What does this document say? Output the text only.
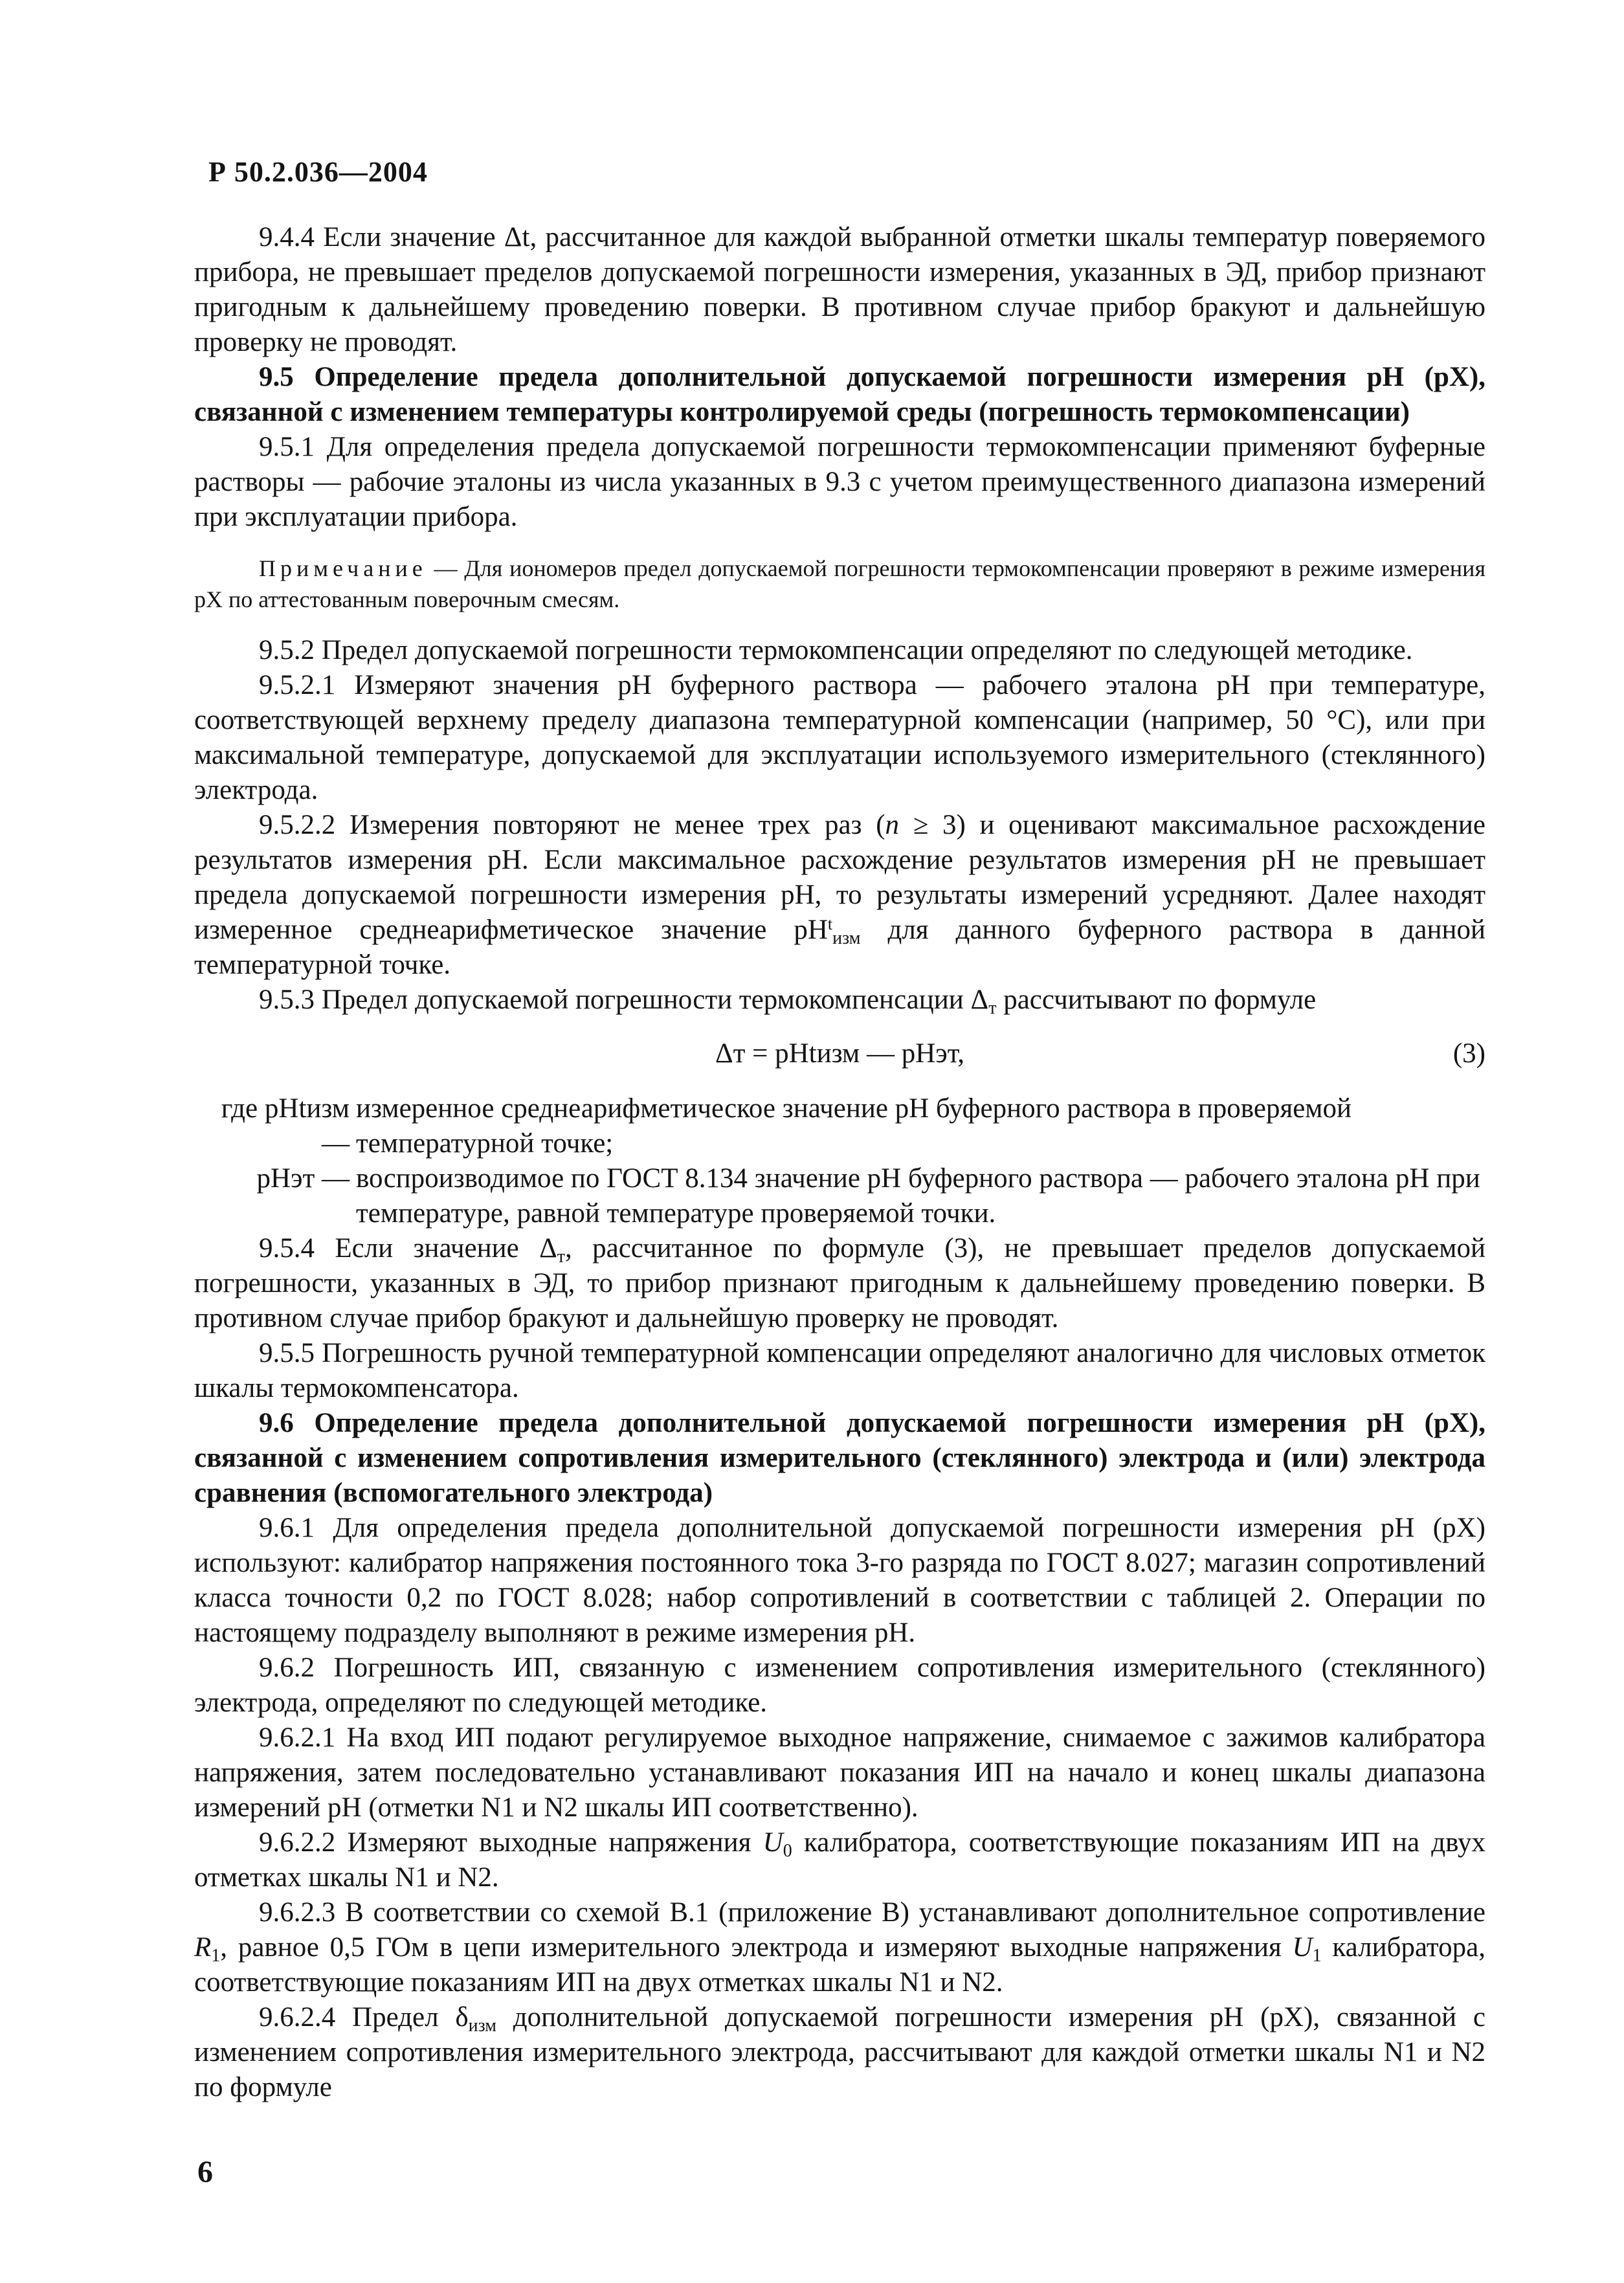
Р 50.2.036—2004

9.4.4 Если значение Δt, рассчитанное для каждой выбранной отметки шкалы температур поверяемого прибора, не превышает пределов допускаемой погрешности измерения, указанных в ЭД, прибор признают пригодным к дальнейшему проведению поверки. В противном случае прибор бракуют и дальнейшую проверку не проводят.

9.5 Определение предела дополнительной допускаемой погрешности измерения pH (pX), связанной с изменением температуры контролируемой среды (погрешность термокомпенсации)

9.5.1 Для определения предела допускаемой погрешности термокомпенсации применяют буферные растворы — рабочие эталоны из числа указанных в 9.3 с учетом преимущественного диапазона измерений при эксплуатации прибора.

Примечание — Для иономеров предел допускаемой погрешности термокомпенсации проверяют в режиме измерения pX по аттестованным поверочным смесям.

9.5.2 Предел допускаемой погрешности термокомпенсации определяют по следующей методике.

9.5.2.1 Измеряют значения pH буферного раствора — рабочего эталона pH при температуре, соответствующей верхнему пределу диапазона температурной компенсации (например, 50 °С), или при максимальной температуре, допускаемой для эксплуатации используемого измерительного (стеклянного) электрода.

9.5.2.2 Измерения повторяют не менее трех раз (n ≥ 3) и оценивают максимальное расхождение результатов измерения pH. Если максимальное расхождение результатов измерения pH не превышает предела допускаемой погрешности измерения pH, то результаты измерений усредняют. Далее находят измеренное среднеарифметическое значение $pH^t_{изм}$ для данного буферного раствора в данной температурной точке.

9.5.3 Предел допускаемой погрешности термокомпенсации $\Delta_т$ рассчитывают по формуле

Δт = pHtизм — pHэт,	(3)
где pHtизм —
измеренное среднеарифметическое значение pH буферного раствора в проверяемой температурной точке;
pHэт — воспроизводимое по ГОСТ 8.134 значение pH буферного раствора — рабочего эталона pH при температуре, равной температуре проверяемой точки.

9.5.4 Если значение $\Delta_т$, рассчитанное по формуле (3), не превышает пределов допускаемой погрешности, указанных в ЭД, то прибор признают пригодным к дальнейшему проведению поверки. В противном случае прибор бракуют и дальнейшую проверку не проводят.

9.5.5 Погрешность ручной температурной компенсации определяют аналогично для числовых отметок шкалы термокомпенсатора.

9.6 Определение предела дополнительной допускаемой погрешности измерения pH (pX), связанной с изменением сопротивления измерительного (стеклянного) электрода и (или) электрода сравнения (вспомогательного электрода)

9.6.1 Для определения предела дополнительной допускаемой погрешности измерения pH (pX) используют: калибратор напряжения постоянного тока 3-го разряда по ГОСТ 8.027; магазин сопротивлений класса точности 0,2 по ГОСТ 8.028; набор сопротивлений в соответствии с таблицей 2. Операции по настоящему подразделу выполняют в режиме измерения pH.

9.6.2 Погрешность ИП, связанную с изменением сопротивления измерительного (стеклянного) электрода, определяют по следующей методике.

9.6.2.1 На вход ИП подают регулируемое выходное напряжение, снимаемое с зажимов калибратора напряжения, затем последовательно устанавливают показания ИП на начало и конец шкалы диапазона измерений pH (отметки N1 и N2 шкалы ИП соответственно).

9.6.2.2 Измеряют выходные напряжения $U_0$ калибратора, соответствующие показаниям ИП на двух отметках шкалы N1 и N2.

9.6.2.3 В соответствии со схемой В.1 (приложение В) устанавливают дополнительное сопротивление $R_1$, равное 0,5 ГОм в цепи измерительного электрода и измеряют выходные напряжения $U_1$ калибратора, соответствующие показаниям ИП на двух отметках шкалы N1 и N2.

9.6.2.4 Предел $\delta_{изм}$ дополнительной допускаемой погрешности измерения pH (pX), связанной с изменением сопротивления измерительного электрода, рассчитывают для каждой отметки шкалы N1 и N2 по формуле

6
